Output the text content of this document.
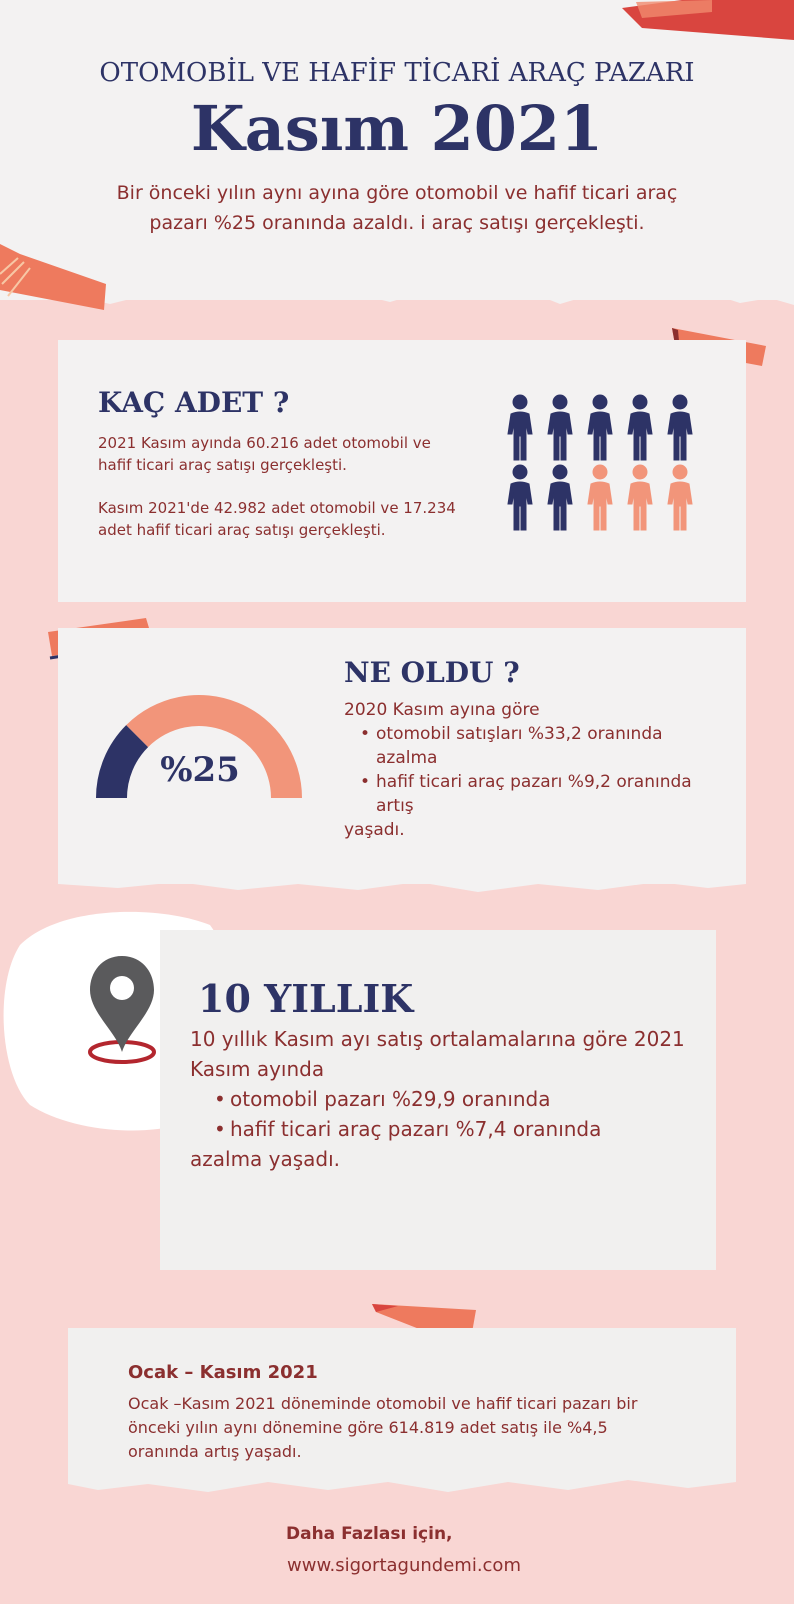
OTOMOBİL VE HAFİF TİCARİ ARAÇ PAZARI
Kasım 2021
Bir önceki yılın aynı ayına göre otomobil ve hafif ticari araç pazarı %25 oranında azaldı. i araç satışı gerçekleşti.
KAÇ ADET ?
2021 Kasım ayında 60.216 adet otomobil ve hafif ticari araç satışı gerçekleşti.
Kasım 2021'de 42.982 adet otomobil ve 17.234 adet hafif ticari araç satışı gerçekleşti.
%25
NE OLDU ?

2020 Kasım ayına göre

• otomobil satışları %33,2 oranında azalma
• hafif ticari araç pazarı %9,2 oranında artış

yaşadı.

10 YILLIK

10 yıllık Kasım ayı satış ortalamalarına göre 2021 Kasım ayında

• otomobil pazarı %29,9 oranında
• hafif ticari araç pazarı %7,4 oranında

azalma yaşadı.

Ocak – Kasım 2021
Ocak –Kasım 2021 döneminde otomobil ve hafif ticari pazarı bir önceki yılın aynı dönemine göre 614.819 adet satış ile %4,5 oranında artış yaşadı.
Daha Fazlası için,
www.sigortagundemi.com
